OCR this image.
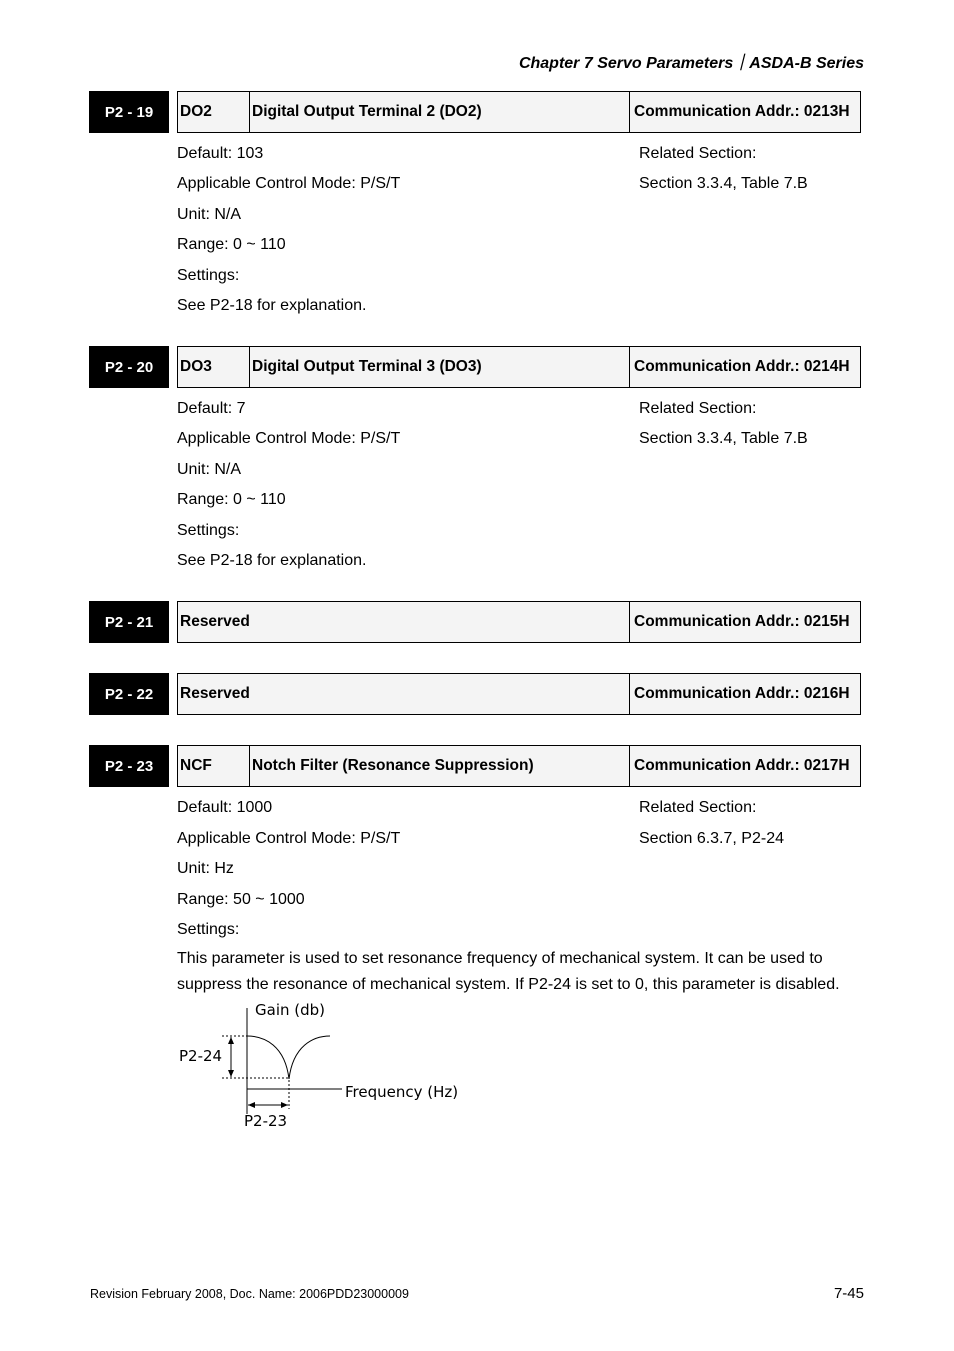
Chapter 7 Servo Parameters｜ASDA-B Series
P2 - 19	DO2	Digital Output Terminal 2 (DO2)	Communication Addr.: 0213H
Default: 103	Related Section:
Applicable Control Mode: P/S/T	Section 3.3.4, Table 7.B
Unit: N/A
Range: 0 ~ 110
Settings:
See P2-18 for explanation.
P2 - 20	DO3	Digital Output Terminal 3 (DO3)	Communication Addr.: 0214H
Default: 7	Related Section:
Applicable Control Mode: P/S/T	Section 3.3.4, Table 7.B
Unit: N/A
Range: 0 ~ 110
Settings:
See P2-18 for explanation.
P2 - 21	Reserved	Communication Addr.: 0215H
P2 - 22	Reserved	Communication Addr.: 0216H
P2 - 23	NCF	Notch Filter (Resonance Suppression)	Communication Addr.: 0217H
Default: 1000	Related Section:
Applicable Control Mode: P/S/T	Section 6.3.7, P2-24
Unit: Hz
Range: 50 ~ 1000
Settings:
This parameter is used to set resonance frequency of mechanical system. It can be used to suppress the resonance of mechanical system. If P2-24 is set to 0, this parameter is disabled.
Gain (db)
Frequency (Hz)
P2-24
P2-23
Revision February 2008, Doc. Name: 2006PDD23000009	7-45
